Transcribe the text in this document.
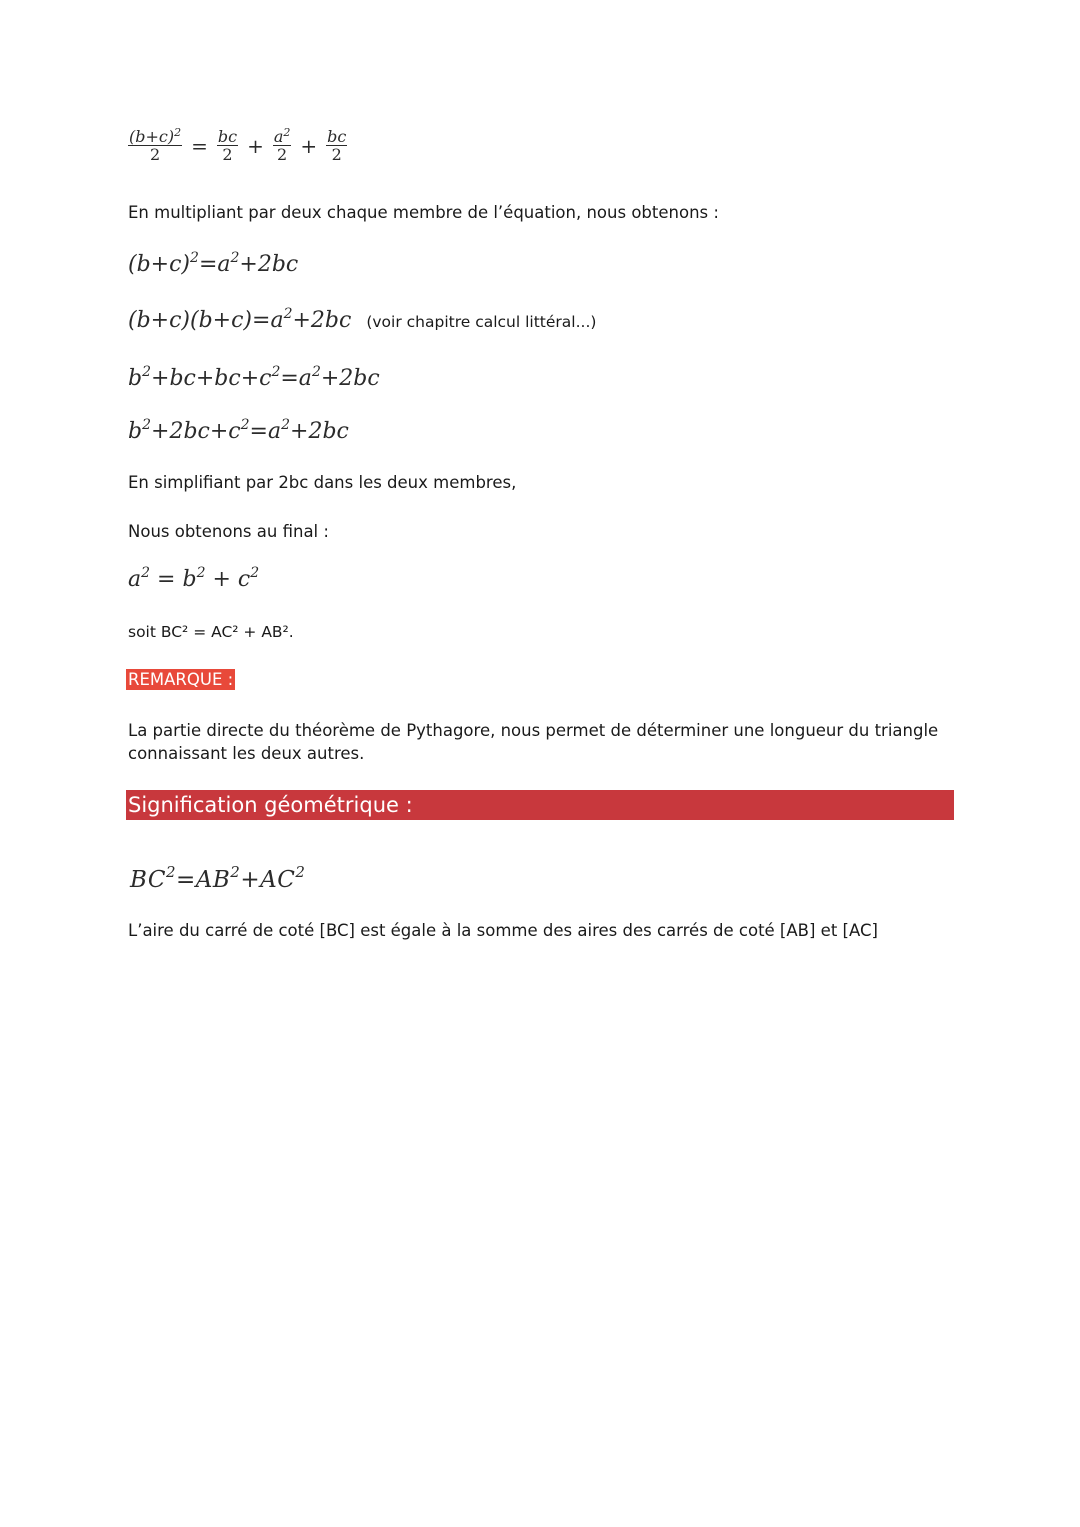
$\frac{(b+c)^2}{2} = \frac{bc}{2} + \frac{a^2}{2} + \frac{bc}{2}$
En multipliant par deux chaque membre de l’équation, nous obtenons :
$(b+c)^2=a^2+2bc$
$(b+c)(b+c)=a^2+2bc$ (voir chapitre calcul littéral...)
$b^2+bc+bc+c^2=a^2+2bc$
$b^2+2bc+c^2=a^2+2bc$
En simplifiant par 2bc dans les deux membres,
Nous obtenons au final :
$a^2 = b^2 + c^2$
soit BC² = AC² + AB².
REMARQUE :
La partie directe du théorème de Pythagore, nous permet de déterminer une longueur du triangle
connaissant les deux autres.
Signification géométrique :
$BC^2=AB^2+AC^2$
L’aire du carré de coté [BC] est égale à la somme des aires des carrés de coté [AB] et [AC]
